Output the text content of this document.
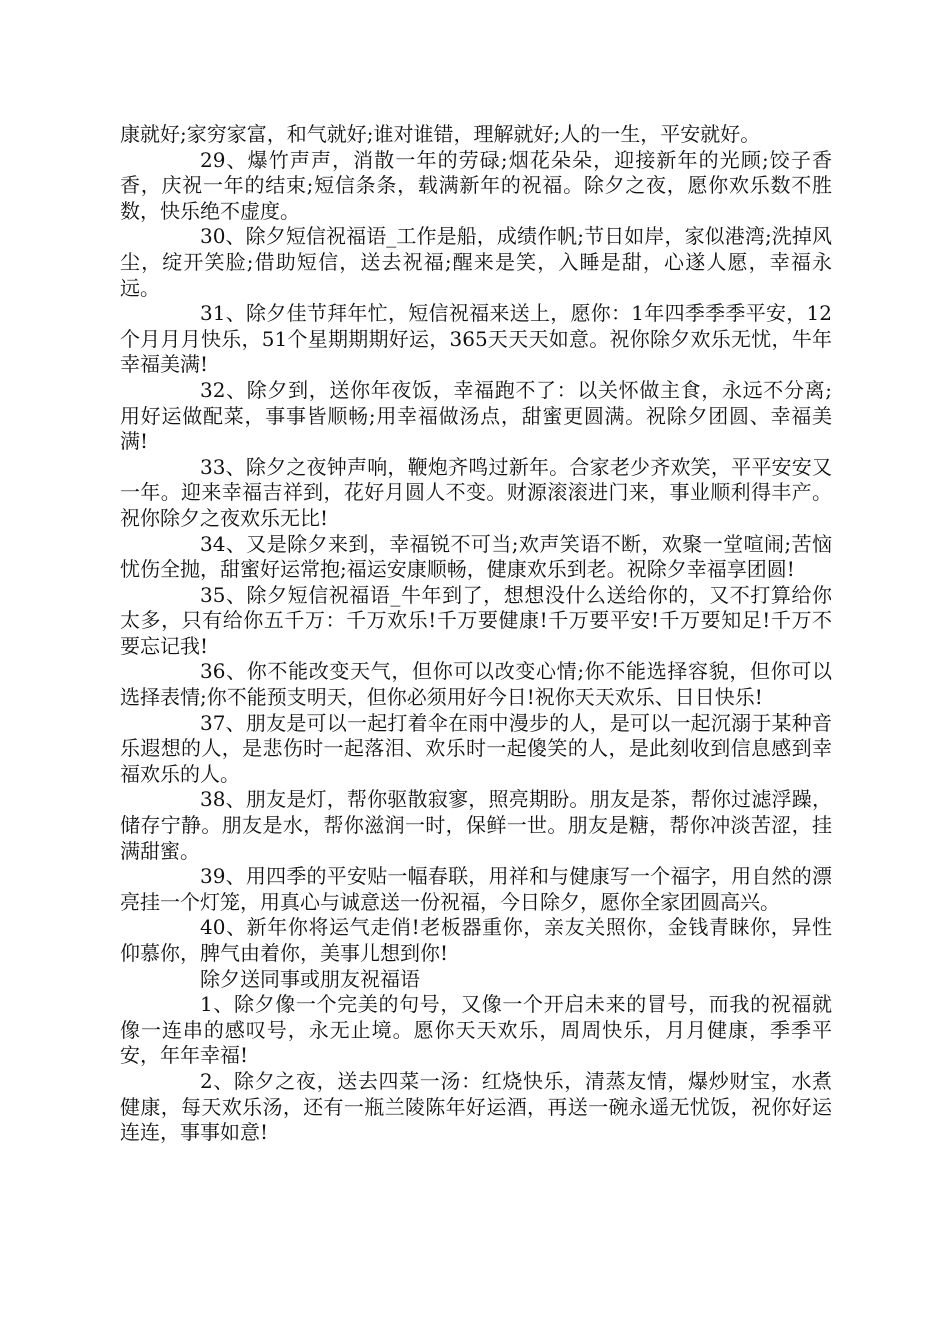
康就好;家穷家富，和气就好;谁对谁错，理解就好;人的一生，平安就好。

29、爆竹声声，消散一年的劳碌;烟花朵朵，迎接新年的光顾;饺子香香，庆祝一年的结束;短信条条，载满新年的祝福。除夕之夜，愿你欢乐数不胜数，快乐绝不虚度。

30、除夕短信祝福语_工作是船，成绩作帆;节日如岸，家似港湾;洗掉风尘，绽开笑脸;借助短信，送去祝福;醒来是笑，入睡是甜，心遂人愿，幸福永远。

31、除夕佳节拜年忙，短信祝福来送上，愿你：1年四季季季平安，12个月月月快乐，51个星期期期好运，365天天天如意。祝你除夕欢乐无忧，牛年幸福美满!

32、除夕到，送你年夜饭，幸福跑不了：以关怀做主食，永远不分离;用好运做配菜，事事皆顺畅;用幸福做汤点，甜蜜更圆满。祝除夕团圆、幸福美满!

33、除夕之夜钟声响，鞭炮齐鸣过新年。合家老少齐欢笑，平平安安又一年。迎来幸福吉祥到，花好月圆人不变。财源滚滚进门来，事业顺利得丰产。祝你除夕之夜欢乐无比!

34、又是除夕来到，幸福锐不可当;欢声笑语不断，欢聚一堂喧闹;苦恼忧伤全抛，甜蜜好运常抱;福运安康顺畅，健康欢乐到老。祝除夕幸福享团圆!

35、除夕短信祝福语_牛年到了，想想没什么送给你的，又不打算给你太多，只有给你五千万：千万欢乐!千万要健康!千万要平安!千万要知足!千万不要忘记我!

36、你不能改变天气，但你可以改变心情;你不能选择容貌，但你可以选择表情;你不能预支明天，但你必须用好今日!祝你天天欢乐、日日快乐!

37、朋友是可以一起打着伞在雨中漫步的人，是可以一起沉溺于某种音乐遐想的人，是悲伤时一起落泪、欢乐时一起傻笑的人，是此刻收到信息感到幸福欢乐的人。

38、朋友是灯，帮你驱散寂寥，照亮期盼。朋友是茶，帮你过滤浮躁，储存宁静。朋友是水，帮你滋润一时，保鲜一世。朋友是糖，帮你冲淡苦涩，挂满甜蜜。

39、用四季的平安贴一幅春联，用祥和与健康写一个福字，用自然的漂亮挂一个灯笼，用真心与诚意送一份祝福，今日除夕，愿你全家团圆高兴。

40、新年你将运气走俏!老板器重你，亲友关照你，金钱青睐你，异性仰慕你，脾气由着你，美事儿想到你!

除夕送同事或朋友祝福语

1、除夕像一个完美的句号，又像一个开启未来的冒号，而我的祝福就像一连串的感叹号，永无止境。愿你天天欢乐，周周快乐，月月健康，季季平安，年年幸福!

2、除夕之夜，送去四菜一汤：红烧快乐，清蒸友情，爆炒财宝，水煮健康，每天欢乐汤，还有一瓶兰陵陈年好运酒，再送一碗永遥无忧饭，祝你好运连连，事事如意!
